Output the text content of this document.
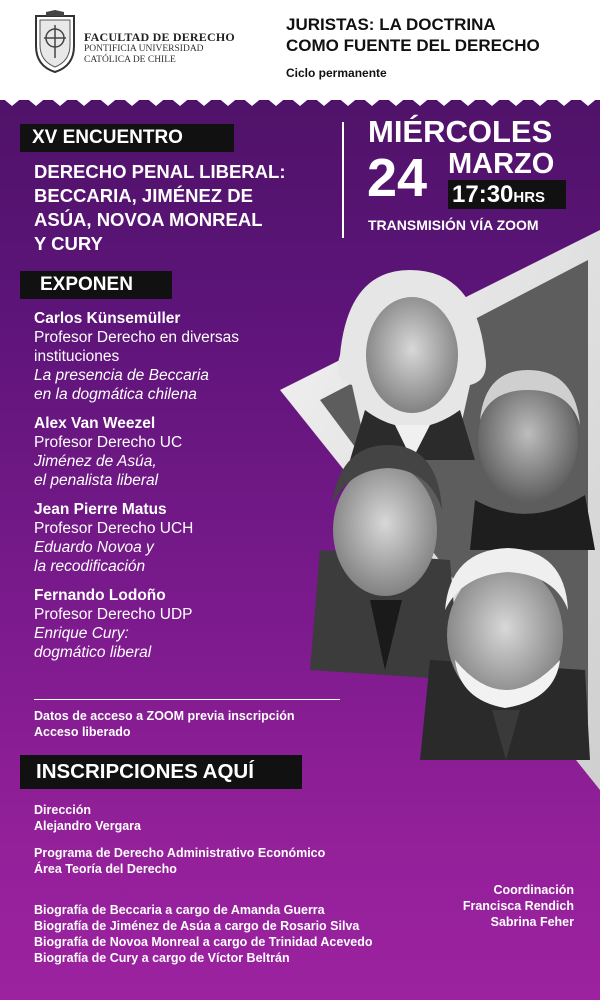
FACULTAD DE DERECHO
PONTIFICIA UNIVERSIDAD
CATÓLICA DE CHILE
JURISTAS: LA DOCTRINA
COMO FUENTE DEL DERECHO
Ciclo permanente
XV ENCUENTRO
DERECHO PENAL LIBERAL:
BECCARIA, JIMÉNEZ DE
ASÚA, NOVOA MONREAL
Y CURY
MIÉRCOLES
24 MARZO
17:30HRS
TRANSMISIÓN VÍA ZOOM
EXPONEN
Carlos Künsemüller
Profesor Derecho en diversas
instituciones
La presencia de Beccaria
en la dogmática chilena
Alex Van Weezel
Profesor Derecho UC
Jiménez de Asúa,
el penalista liberal
Jean Pierre Matus
Profesor Derecho UCH
Eduardo Novoa y
la recodificación
Fernando Lodoño
Profesor Derecho UDP
Enrique Cury:
dogmático liberal
Datos de acceso a ZOOM previa inscripción
Acceso liberado
INSCRIPCIONES AQUÍ
Dirección
Alejandro Vergara
Programa de Derecho Administrativo Económico
Área Teoría del Derecho
Biografía de Beccaria a cargo de Amanda Guerra
Biografía de Jiménez de Asúa a cargo de Rosario Silva
Biografía de Novoa Monreal a cargo de Trinidad Acevedo
Biografía de Cury a cargo de Víctor Beltrán
Coordinación
Francisca Rendich
Sabrina Feher
